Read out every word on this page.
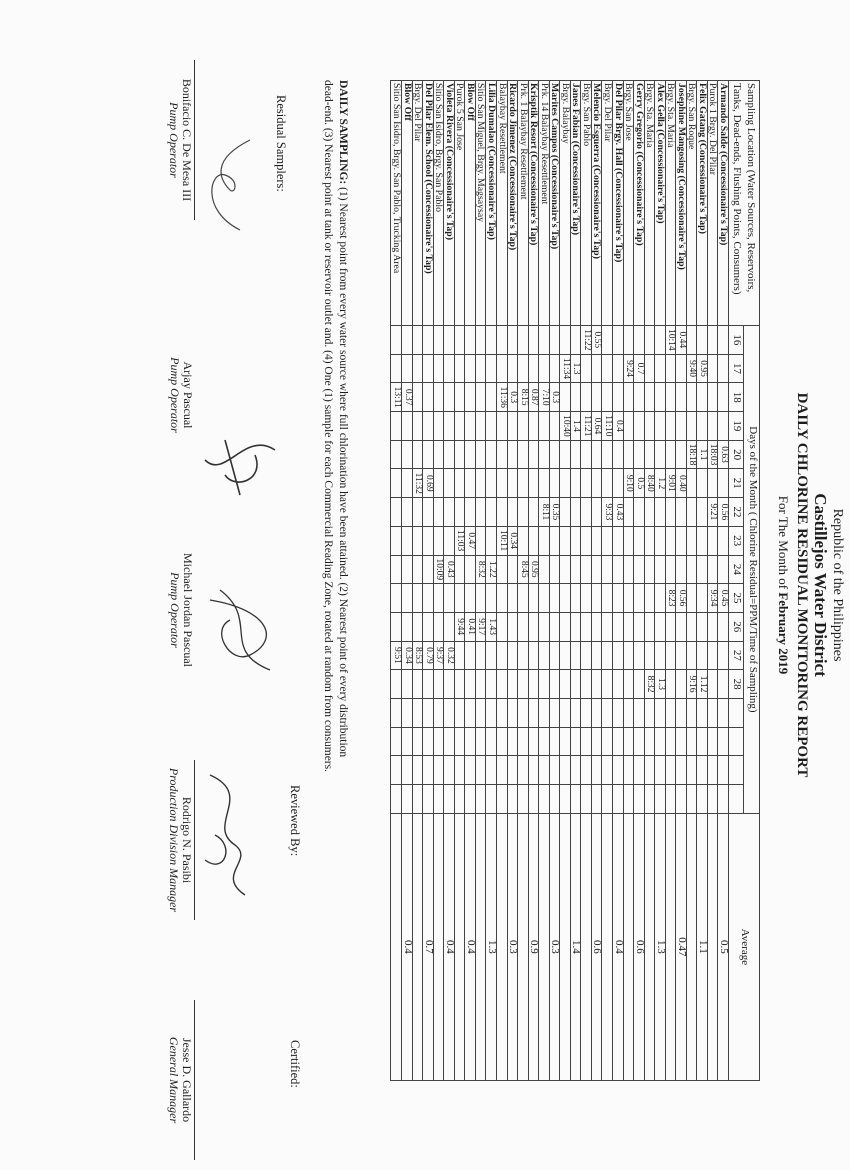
Republic of the Philippines
Castillejos Water District
DAILY CHLORINE RESIDUAL MONITORING REPORT
For The Month of February 2019
Sampling Location (Water Sources, Reservoirs, Tanks, Dead-ends, Flushing Points, Consumers)	Days of the Month ( Chlorine Residual=PPM/Time of Sampling)																	Average
	16	17	18	19	20	21	22	23	24	25	26	27	28					
Armando Salde (Concessionaire's Tap)					0.63		0.56			0.45								0.5
Purok 1 Brgy. Del Pilar					18:03		9:21			9:34								
Felix Gatang (Concessionaire's Tap)		0.95			1.1								1.12					1.1
Brgy. San Roque		9:40			18:18								9:16					
Josephine Mangosing (Concessionaire's Tap)	0.44					0.40				0.56								0.47
Brgy. Sta. Maria	10:14					9:01				8:23								
Alex Gella (Concessionaire's Tap)						1.2							1.3					1.3
Brgy. Sta. Maria						8:40							8:32					
Gerry Gregorio (Concessionaire's Tap)		0.7				0.5												0.6
Brgy. San Jose		9:24				9:10												
Del Pilar Brgy. Hall (Concessionaire's Tap)				0.4			0.43											0.4
Brgy. Del Pilar				11:10			9:33											
Melencio Esguerra (Concessionaire's Tap)	0.55			0.64														0.6
Brgy. San Pablo	11:22			11:21														
Janes Fabian (Concessionaire's Tap)		1.3		1.4														1.4
Brgy. Balaybay		11:34		10:40														
Marites Campos (Concessionaire's Tap)			0.3				0.35											0.3
Prk. 14 Balaybay Resettlement			7:10				8:11											
Krisptik Resort (Concessionaire's Tap)			0.87						0.95									0.9
Prk. 1 Balaybay Resettlement			8:15						8:45									
Ricardo Jimenez (Concessionaire's Tap)			0.3					0.34										0.3
Balaybay Resettlement			11:36					10:11										
Lilia Dumalao (Concessionaire's Tap)									1.22		1.43							1.3
Sitio San Miguel, Brgy. Magsaysay									8:32		9:17							
Blow Off								0.47			0.41							0.4
Purok 5 San Jose								11:03			9:44							
Violeta Rivera (Concessionaire's Tap)									0.43			0.32						0.4
Sitio San Isidro, Brgy. San Pablo									10:09			9:37						
Del Pilar Elem. School (Concessionaire's Tap)						0.69						0.79						0.7
Brgy. Del Pilar						11:32						8:53						
Blow Off			0.37									0.34						0.4
Sitio San Isidro, Brgy. San Pablo, Trucking Area			13:11									9:51						
DAILY SAMPLING: (1) Nearest point from every water source where full chlorination have been attained. (2) Nearest point of every distribution
dead-end. (3) Nearest point at tank or reservoir outlet and. (4) One (1) sample for each Commercial Reading Zone, rotated at random from consumers.
Residual Samplers:
Reviewed By:
Certified:
Bonifacio C. De Mesa III
Pump Operator
Arjay Pascual
Pump Operator
Michael Jordan Pascual
Pump Operator
Rodrigo N. Pasibi
Production Division Manager
Jesse D. Gallardo
General Manager
